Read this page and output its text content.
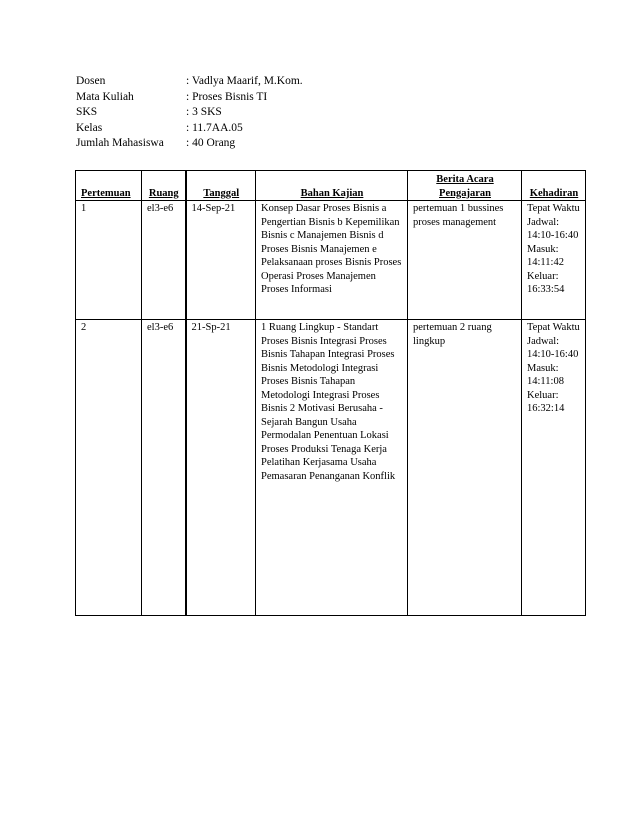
Dosen	: Vadlya Maarif, M.Kom.
Mata Kuliah	: Proses Bisnis TI
SKS	: 3 SKS
Kelas	: 11.7AA.05
Jumlah Mahasiswa	: 40 Orang
Pertemuan	Ruang	Tanggal	Bahan Kajian	Berita Acara Pengajaran	Kehadiran
1	el3-e6	14-Sep-21	Konsep Dasar Proses Bisnis a Pengertian Bisnis b Kepemilikan Bisnis c Manajemen Bisnis d Proses Bisnis Manajemen e Pelaksanaan proses Bisnis Proses Operasi Proses Manajemen Proses Informasi	pertemuan 1 bussines proses management	Tepat Waktu Jadwal: 14:10-16:40 Masuk: 14:11:42 Keluar: 16:33:54
2	el3-e6	21-Sp-21	1 Ruang Lingkup - Standart Proses Bisnis Integrasi Proses Bisnis Tahapan Integrasi Proses Bisnis Metodologi Integrasi Proses Bisnis Tahapan Metodologi Integrasi Proses Bisnis 2 Motivasi Berusaha - Sejarah Bangun Usaha Permodalan Penentuan Lokasi Proses Produksi Tenaga Kerja Pelatihan Kerjasama Usaha Pemasaran Penanganan Konflik	pertemuan 2 ruang lingkup	Tepat Waktu Jadwal: 14:10-16:40 Masuk: 14:11:08 Keluar: 16:32:14
